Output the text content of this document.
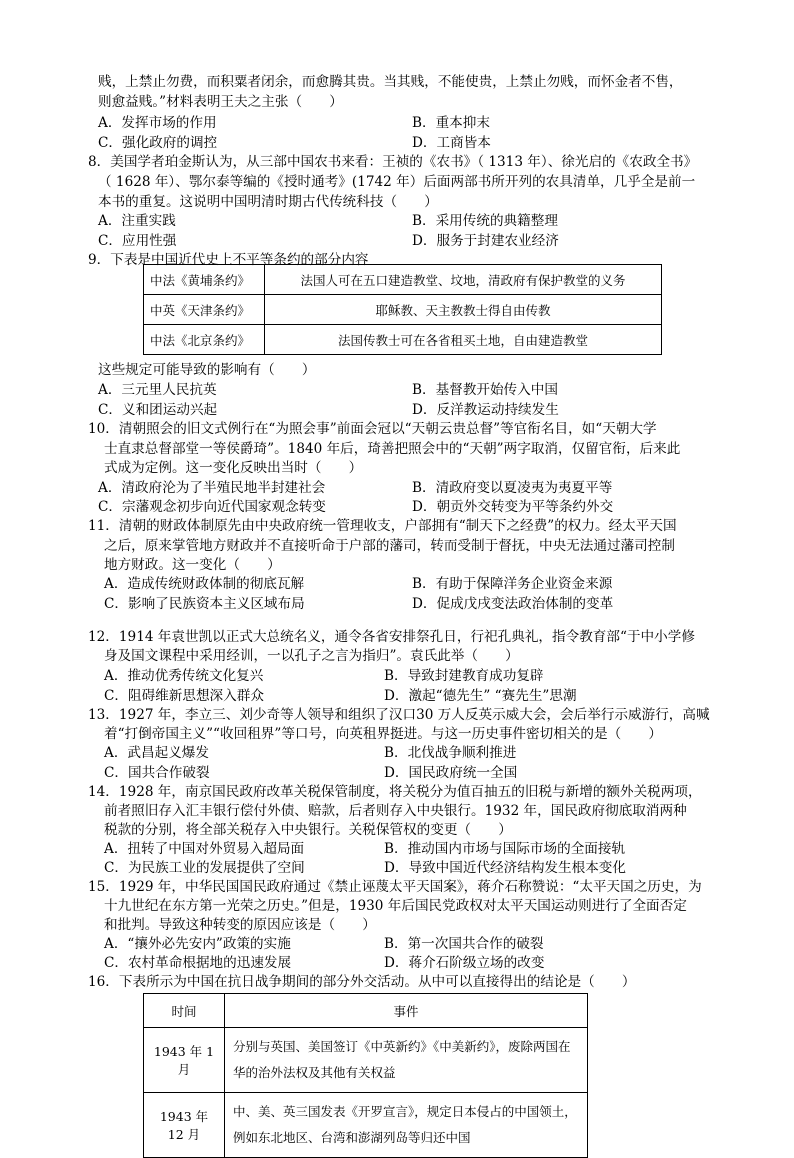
贱，上禁止勿费，而积粟者闭余，而愈腾其贵。当其贱，不能使贵，上禁止勿贱，而怀金者不售，
则愈益贱。”材料表明王夫之主张（　　）
A．发挥市场的作用	B．重本抑末
C．强化政府的调控	D．工商皆本
8．美国学者珀金斯认为，从三部中国农书来看：王祯的《农书》（ 1313 年）、徐光启的《农政全书》
（ 1628 年）、鄂尔泰等编的《授时通考》(1742 年）后面两部书所开列的农具清单，几乎全是前一
本书的重复。这说明中国明清时期古代传统科技（　　）
A．注重实践	B．采用传统的典籍整理
C．应用性强	D．服务于封建农业经济
9．下表是中国近代史上不平等条约的部分内容
中法《黄埔条约》	法国人可在五口建造教堂、坟地，清政府有保护教堂的义务
中英《天津条约》	耶稣教、天主教教士得自由传教
中法《北京条约》	法国传教士可在各省租买土地，自由建造教堂
这些规定可能导致的影响有（　　）
A．三元里人民抗英	B．基督教开始传入中国
C．义和团运动兴起	D．反洋教运动持续发生
10．清朝照会的旧文式例行在“为照会事”前面会冠以“天朝云贵总督”等官衔名目，如“天朝大学
士直隶总督部堂一等侯爵琦”。1840 年后，琦善把照会中的“天朝”两字取消，仅留官衔，后来此
式成为定例。这一变化反映出当时（　　）
A．清政府沦为了半殖民地半封建社会	B．清政府变以夏凌夷为夷夏平等
C．宗藩观念初步向近代国家观念转变	D．朝贡外交转变为平等条约外交
11．清朝的财政体制原先由中央政府统一管理收支，户部拥有“制天下之经费”的权力。经太平天国
之后，原来掌管地方财政并不直接听命于户部的藩司，转而受制于督抚，中央无法通过藩司控制
地方财政。这一变化（　　）
A．造成传统财政体制的彻底瓦解	B．有助于保障洋务企业资金来源
C．影响了民族资本主义区域布局	D．促成戊戌变法政治体制的变革
12．1914 年袁世凯以正式大总统名义，通令各省安排祭孔日，行祀孔典礼，指令教育部“于中小学修
身及国文课程中采用经训，一以孔子之言为指归”。袁氏此举（　　）
A．推动优秀传统文化复兴	B．导致封建教育成功复辟
C．阻碍维新思想深入群众	D．激起“德先生” “赛先生”思潮
13．1927 年，李立三、刘少奇等人领导和组织了汉口30 万人反英示威大会，会后举行示威游行，高喊
着“打倒帝国主义”“收回租界”等口号，向英租界挺进。与这一历史事件密切相关的是（　　）
A．武昌起义爆发	B．北伐战争顺利推进
C．国共合作破裂	D．国民政府统一全国
14．1928 年，南京国民政府改革关税保管制度，将关税分为值百抽五的旧税与新增的额外关税两项，
前者照旧存入汇丰银行偿付外债、赔款，后者则存入中央银行。1932 年，国民政府彻底取消两种
税款的分别，将全部关税存入中央银行。关税保管权的变更（　　）
A．扭转了中国对外贸易入超局面	B．推动国内市场与国际市场的全面接轨
C．为民族工业的发展提供了空间	D．导致中国近代经济结构发生根本变化
15．1929 年，中华民国国民政府通过《禁止诬蔑太平天国案》，蒋介石称赞说：“太平天国之历史，为
十九世纪在东方第一光荣之历史。”但是，1930 年后国民党政权对太平天国运动则进行了全面否定
和批判。导致这种转变的原因应该是（　　）
A．“攘外必先安内”政策的实施	B．第一次国共合作的破裂
C．农村革命根据地的迅速发展	D．蒋介石阶级立场的改变
16．下表所示为中国在抗日战争期间的部分外交活动。从中可以直接得出的结论是（　　）
时间	事件
1943 年 1 月	分别与英国、美国签订《中英新约》《中美新约》，废除两国在
华的治外法权及其他有关权益

1943 年12 月	中、美、英三国发表《开罗宣言》，规定日本侵占的中国领土，
例如东北地区、台湾和澎湖列岛等归还中国
